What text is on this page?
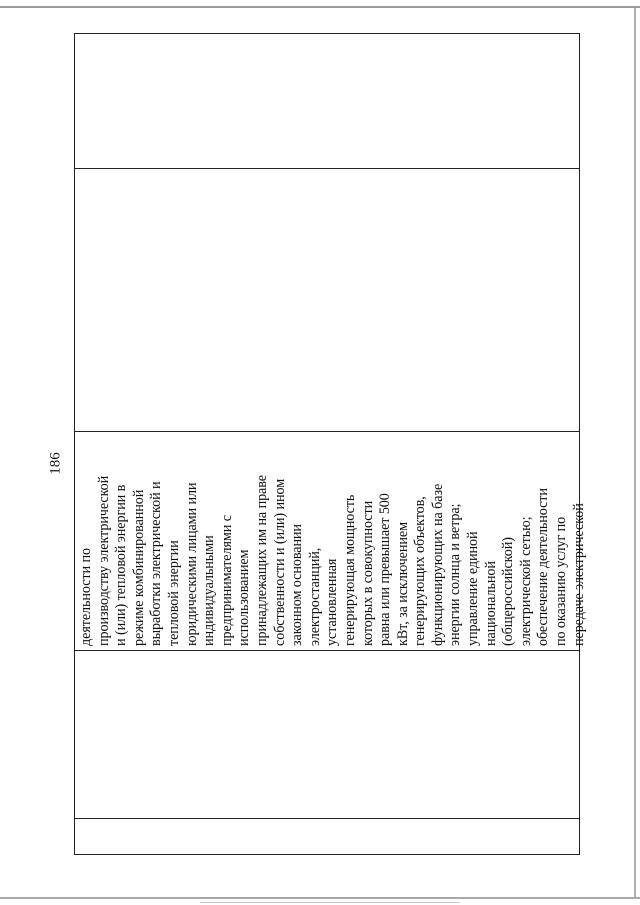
186
деятельности по производству электрической и (или) тепловой энергии в режиме комбинированной выработки электрической и тепловой энергии юридическими лицами или индивидуальными предпринимателями с использованием принадлежащих им на праве собственности и (или) ином законном основании электростанций, установленная генерирующая мощность которых в совокупности равна или превышает 500 кВт, за исключением генерирующих объектов, функционирующих на базе энергии солнца и ветра; управление единой национальной (общероссийской) электрической сетью; обеспечение деятельности по оказанию услуг по передаче электрической
